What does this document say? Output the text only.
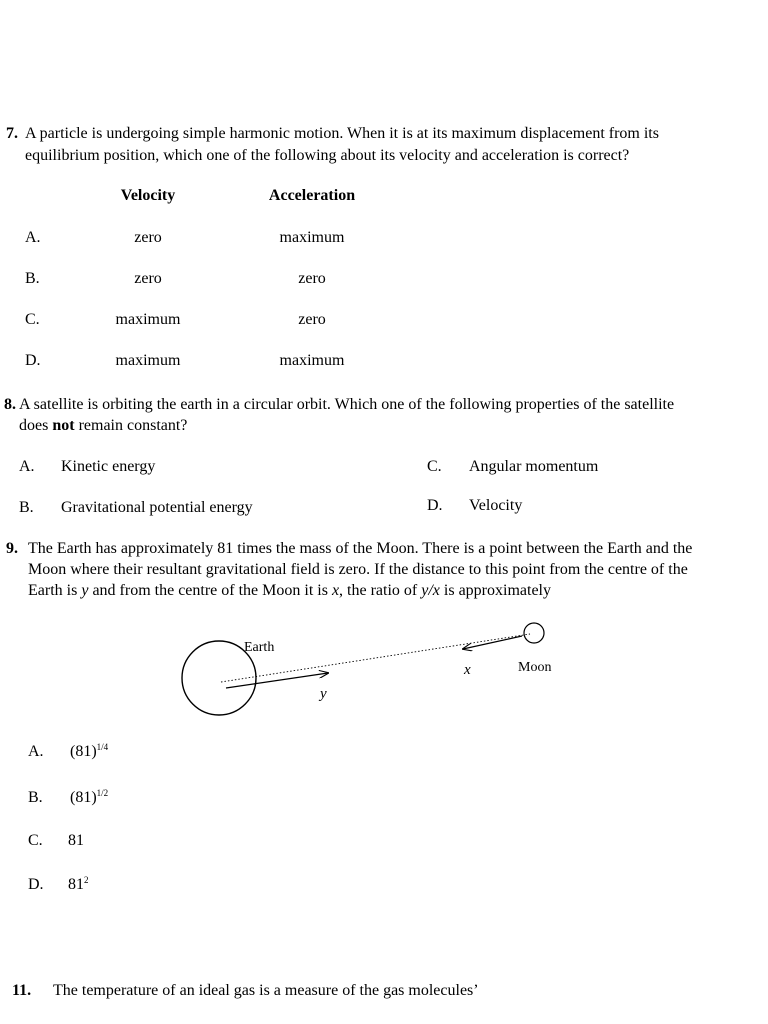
7. A particle is undergoing simple harmonic motion. When it is at its maximum displacement from its
equilibrium position, which one of the following about its velocity and acceleration is correct?
Velocity	Acceleration
A.	zero	maximum
B.	zero	zero
C.	maximum	zero
D.	maximum	maximum
8. A satellite is orbiting the earth in a circular orbit. Which one of the following properties of the satellite
does not remain constant?
A. Kinetic energy
B. Gravitational potential energy
C. Angular momentum
D. Velocity
9. The Earth has approximately 81 times the mass of the Moon. There is a point between the Earth and the
Moon where their resultant gravitational field is zero. If the distance to this point from the centre of the
Earth is y and from the centre of the Moon it is x, the ratio of y/x is approximately
Earth
Moon
x
y
A. $(81)^{1/4}$
B. $(81)^{1/2}$
C. 81
D. $81^2$
11. The temperature of an ideal gas is a measure of the gas molecules’
